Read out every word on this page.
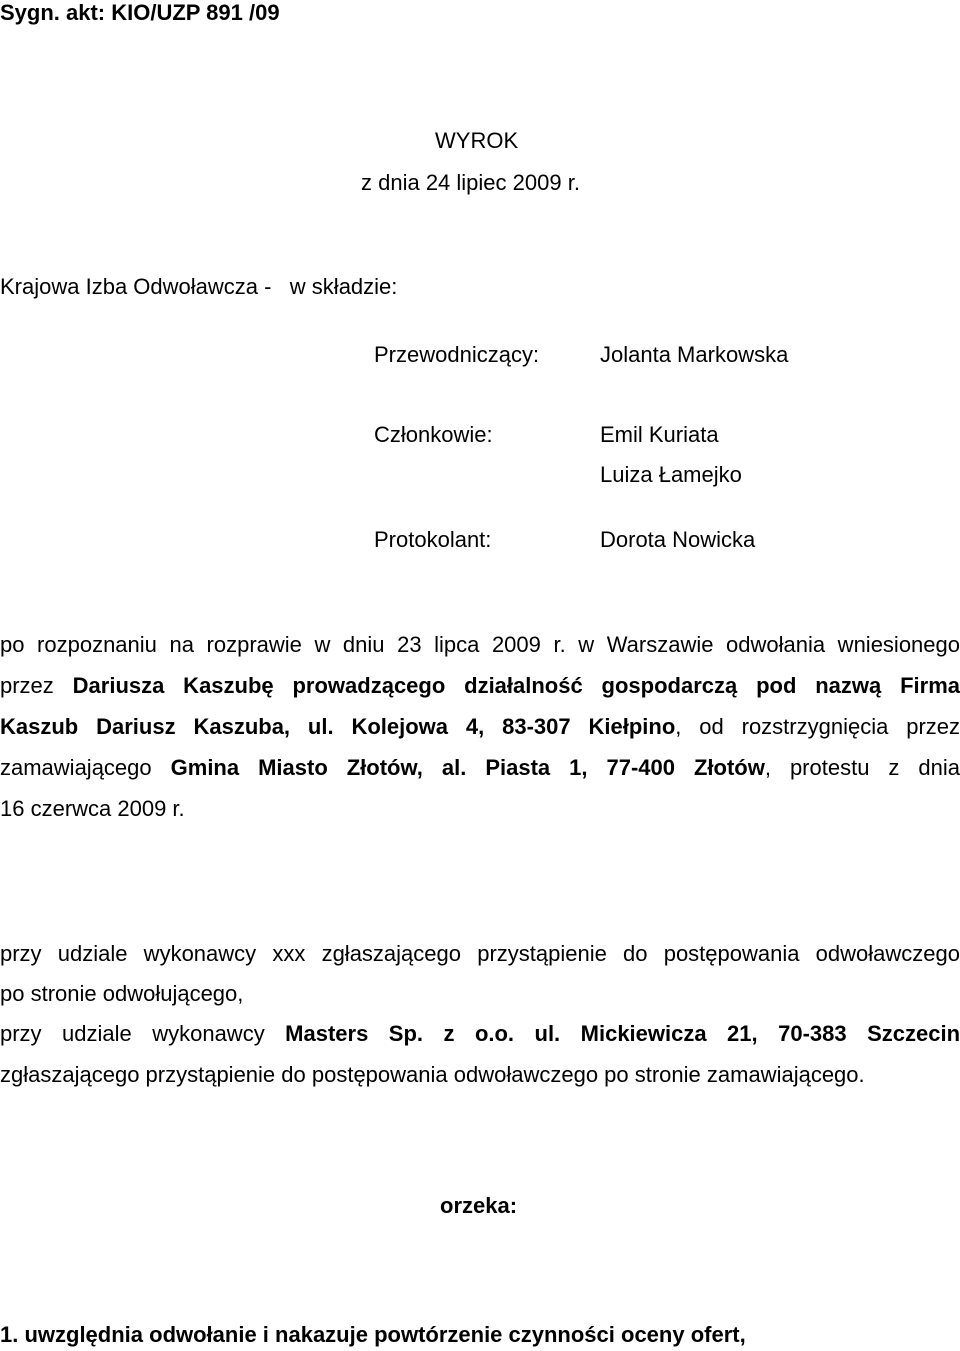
Sygn. akt: KIO/UZP 891 /09
WYROK
z dnia 24 lipiec 2009 r.
Krajowa Izba Odwoławcza -   w składzie:
Przewodniczący:	Jolanta Markowska
Członkowie:	Emil Kuriata
Luiza Łamejko
Protokolant:	Dorota Nowicka
po rozpoznaniu na rozprawie w dniu 23 lipca 2009 r. w Warszawie odwołania wniesionego
przez Dariusza Kaszubę prowadzącego działalność gospodarczą pod nazwą Firma
Kaszub Dariusz Kaszuba, ul. Kolejowa 4, 83-307 Kiełpino, od rozstrzygnięcia przez
zamawiającego Gmina Miasto Złotów, al. Piasta 1, 77-400 Złotów, protestu z dnia
16 czerwca 2009 r.
przy udziale wykonawcy xxx zgłaszającego przystąpienie do postępowania odwoławczego
po stronie odwołującego,
przy udziale wykonawcy Masters Sp. z o.o. ul. Mickiewicza 21, 70-383 Szczecin
zgłaszającego przystąpienie do postępowania odwoławczego po stronie zamawiającego.
orzeka:
1. uwzględnia odwołanie i nakazuje powtórzenie czynności oceny ofert,
